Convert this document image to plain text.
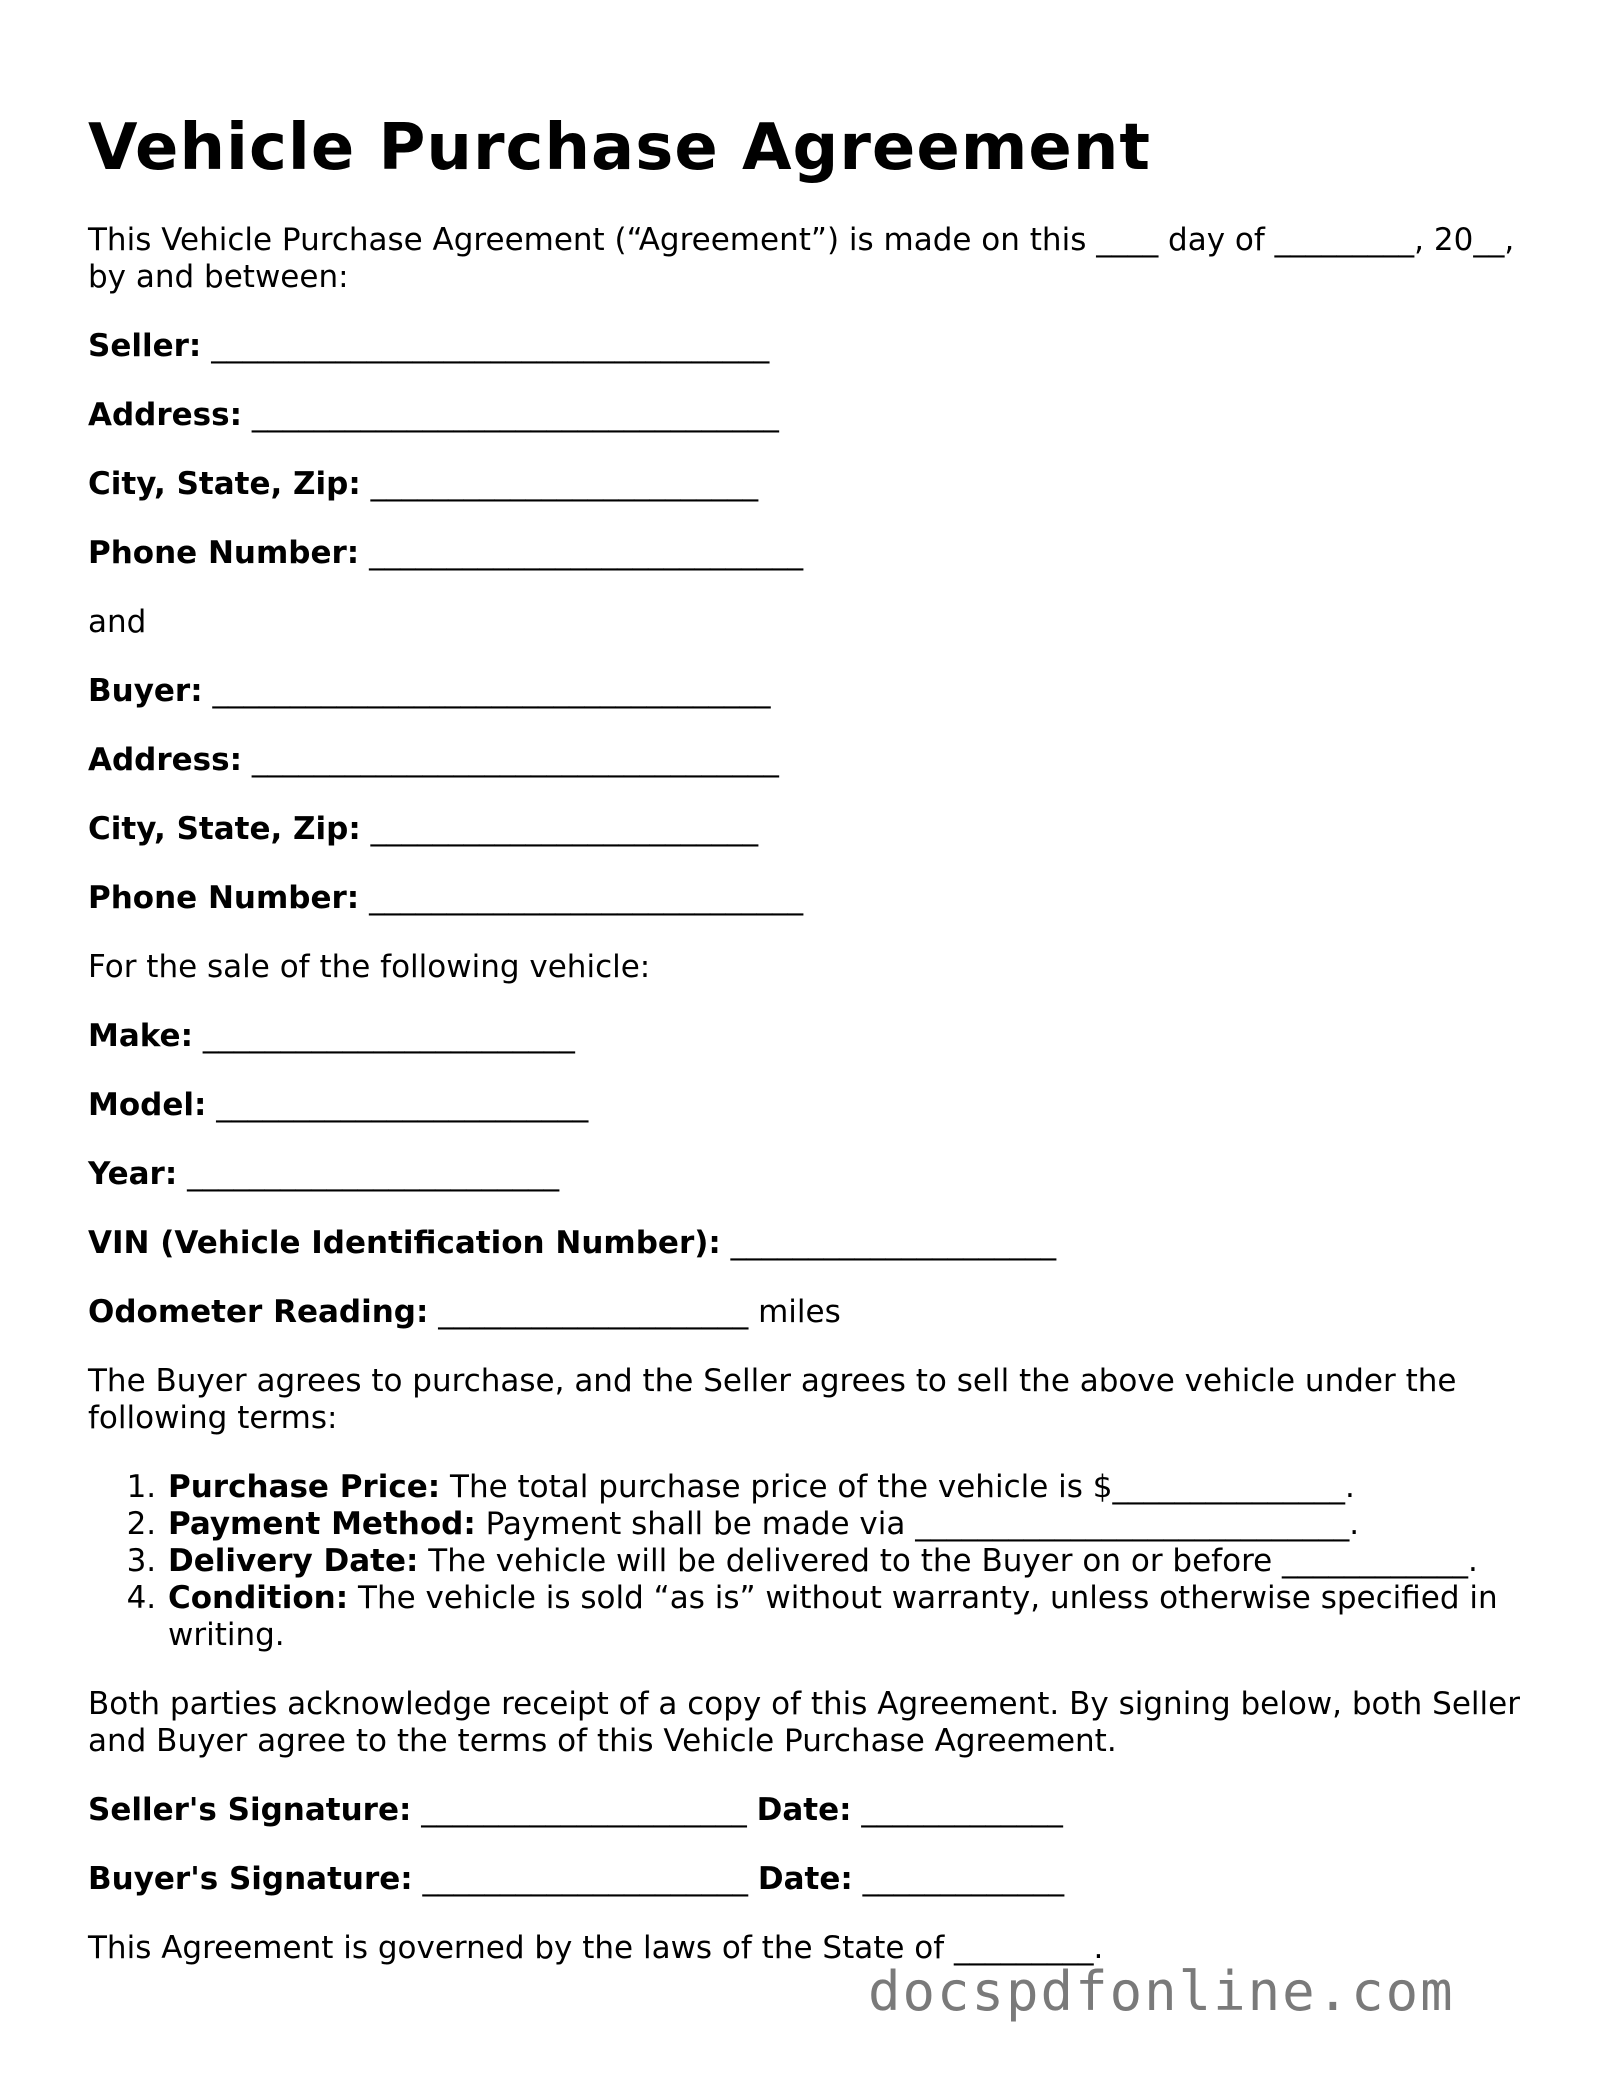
Vehicle Purchase Agreement

This Vehicle Purchase Agreement (“Agreement”) is made on this ____ day of _________, 20__, by and between:

Seller: ____________________________________

Address: __________________________________

City, State, Zip: _________________________

Phone Number: ____________________________

and

Buyer: ____________________________________

Address: __________________________________

City, State, Zip: _________________________

Phone Number: ____________________________

For the sale of the following vehicle:

Make: ________________________

Model: ________________________

Year: ________________________

VIN (Vehicle Identification Number): _____________________

Odometer Reading: ____________________ miles

The Buyer agrees to purchase, and the Seller agrees to sell the above vehicle under the following terms:

1. Purchase Price: The total purchase price of the vehicle is $_______________.
2. Payment Method: Payment shall be made via ____________________________.
3. Delivery Date: The vehicle will be delivered to the Buyer on or before ____________.
4. Condition: The vehicle is sold “as is” without warranty, unless otherwise specified in writing.

Both parties acknowledge receipt of a copy of this Agreement. By signing below, both Seller and Buyer agree to the terms of this Vehicle Purchase Agreement.

Seller's Signature: _____________________ Date: _____________

Buyer's Signature: _____________________ Date: _____________

This Agreement is governed by the laws of the State of _________.

docspdfonline.com
